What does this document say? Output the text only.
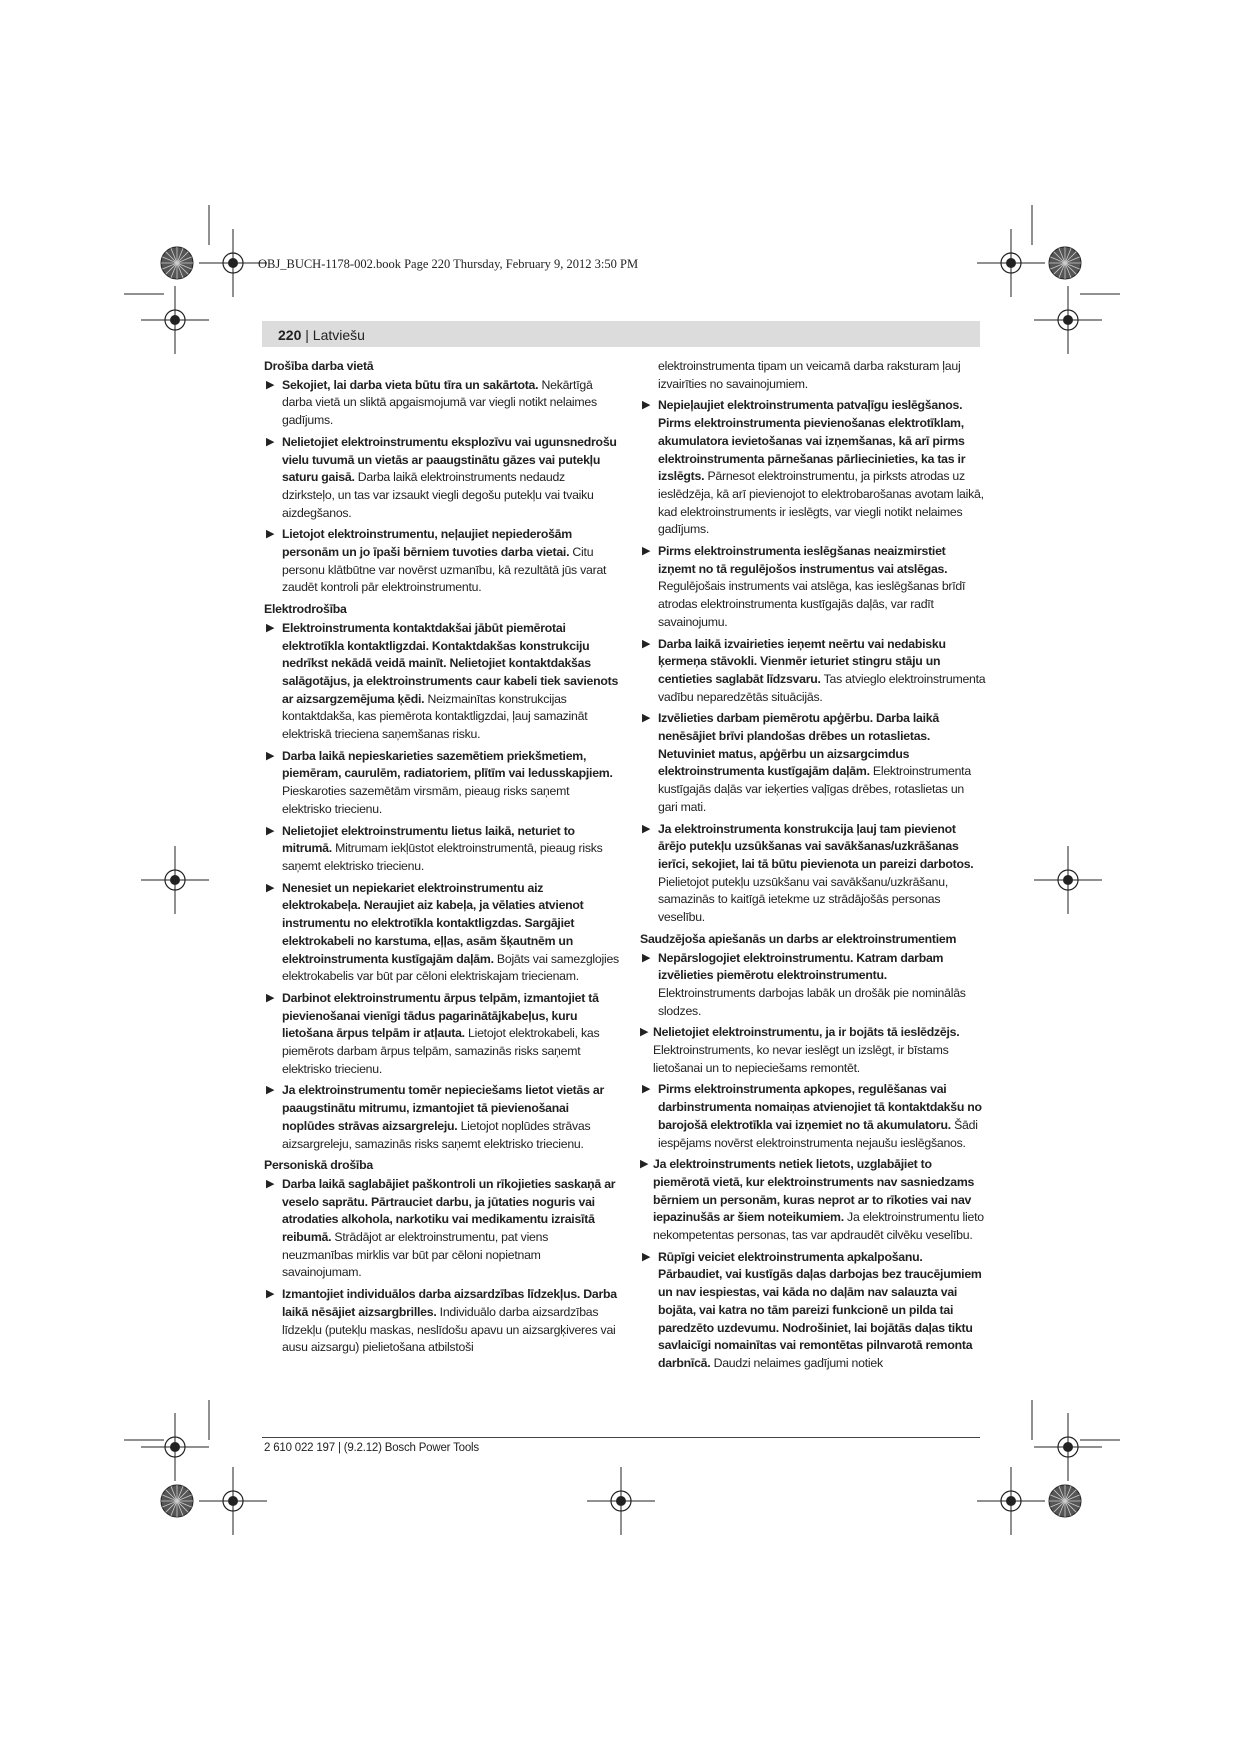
OBJ_BUCH-1178-002.book Page 220 Thursday, February 9, 2012 3:50 PM
220 | Latviešu
Drošība darba vietā
▶ Sekojiet, lai darba vieta būtu tīra un sakārtota. Nekārtīgā darba vietā un sliktā apgaismojumā var viegli notikt nelaimes gadījums.
▶ Nelietojiet elektroinstrumentu eksplozīvu vai ugunsnedrošu vielu tuvumā un vietās ar paaugstinātu gāzes vai putekļu saturu gaisā. Darba laikā elektroinstruments nedaudz dzirksteļo, un tas var izsaukt viegli degošu putekļu vai tvaiku aizdegšanos.
▶ Lietojot elektroinstrumentu, neļaujiet nepiederošām personām un jo īpaši bērniem tuvoties darba vietai. Citu personu klātbūtne var novērst uzmanību, kā rezultātā jūs varat zaudēt kontroli pār elektroinstrumentu.
Elektrodrošība
▶ Elektroinstrumenta kontaktdakšai jābūt piemērotai elektrotīkla kontaktligzdai. Kontaktdakšas konstrukciju nedrīkst nekādā veidā mainīt. Nelietojiet kontaktdakšas salāgotājus, ja elektroinstruments caur kabeli tiek savienots ar aizsargzemējuma ķēdi. Neizmainītas konstrukcijas kontaktdakša, kas piemērota kontaktligzdai, ļauj samazināt elektriskā trieciena saņemšanas risku.
▶ Darba laikā nepieskarieties sazemētiem priekšmetiem, piemēram, caurulēm, radiatoriem, plītīm vai ledusskapjiem. Pieskaroties sazemētām virsmām, pieaug risks saņemt elektrisko triecienu.
▶ Nelietojiet elektroinstrumentu lietus laikā, neturiet to mitrumā. Mitrumam iekļūstot elektroinstrumentā, pieaug risks saņemt elektrisko triecienu.
▶ Nenesiet un nepiekariet elektroinstrumentu aiz elektrokabeļa. Neraujiet aiz kabeļa, ja vēlaties atvienot instrumentu no elektrotīkla kontaktligzdas. Sargājiet elektrokabeli no karstuma, eļļas, asām šķautnēm un elektroinstrumenta kustīgajām daļām. Bojāts vai samezglojies elektrokabelis var būt par cēloni elektriskajam triecienam.
▶ Darbinot elektroinstrumentu ārpus telpām, izmantojiet tā pievienošanai vienīgi tādus pagarinātājkabeļus, kuru lietošana ārpus telpām ir atļauta. Lietojot elektrokabeli, kas piemērots darbam ārpus telpām, samazinās risks saņemt elektrisko triecienu.
▶ Ja elektroinstrumentu tomēr nepieciešams lietot vietās ar paaugstinātu mitrumu, izmantojiet tā pievienošanai noplūdes strāvas aizsargreleju. Lietojot noplūdes strāvas aizsargreleju, samazinās risks saņemt elektrisko triecienu.
Personiskā drošība
▶ Darba laikā saglabājiet paškontroli un rīkojieties saskaņā ar veselo saprātu. Pārtrauciet darbu, ja jūtaties noguris vai atrodaties alkohola, narkotiku vai medikamentu izraisītā reibumā. Strādājot ar elektroinstrumentu, pat viens neuzmanības mirklis var būt par cēloni nopietnam savainojumam.
▶ Izmantojiet individuālos darba aizsardzības līdzekļus. Darba laikā nēsājiet aizsargbrilles. Individuālo darba aizsardzības līdzekļu (putekļu maskas, neslīdošu apavu un aizsargķiveres vai ausu aizsargu) pielietošana atbilstoši
elektroinstrumenta tipam un veicamā darba raksturam ļauj izvairīties no savainojumiem.
▶ Nepieļaujiet elektroinstrumenta patvaļīgu ieslēgšanos. Pirms elektroinstrumenta pievienošanas elektrotīklam, akumulatora ievietošanas vai izņemšanas, kā arī pirms elektroinstrumenta pārnešanas pārliecinieties, ka tas ir izslēgts. Pārnesot elektroinstrumentu, ja pirksts atrodas uz ieslēdzēja, kā arī pievienojot to elektrobarošanas avotam laikā, kad elektroinstruments ir ieslēgts, var viegli notikt nelaimes gadījums.
▶ Pirms elektroinstrumenta ieslēgšanas neaizmirstiet izņemt no tā regulējošos instrumentus vai atslēgas. Regulējošais instruments vai atslēga, kas ieslēgšanas brīdī atrodas elektroinstrumenta kustīgajās daļās, var radīt savainojumu.
▶ Darba laikā izvairieties ieņemt neērtu vai nedabisku ķermeņa stāvokli. Vienmēr ieturiet stingru stāju un centieties saglabāt līdzsvaru. Tas atvieglo elektroinstrumenta vadību neparedzētās situācijās.
▶ Izvēlieties darbam piemērotu apģērbu. Darba laikā nenēsājiet brīvi plandošas drēbes un rotaslietas. Netuviniet matus, apģērbu un aizsargcimdus elektroinstrumenta kustīgajām daļām. Elektroinstrumenta kustīgajās daļās var ieķerties vaļīgas drēbes, rotaslietas un gari mati.
▶ Ja elektroinstrumenta konstrukcija ļauj tam pievienot ārējo putekļu uzsūkšanas vai savākšanas/uzkrāšanas ierīci, sekojiet, lai tā būtu pievienota un pareizi darbotos. Pielietojot putekļu uzsūkšanu vai savākšanu/uzkrāšanu, samazinās to kaitīgā ietekme uz strādājošās personas veselību.
Saudzējoša apiešanās un darbs ar elektroinstrumentiem
▶ Nepārslogojiet elektroinstrumentu. Katram darbam izvēlieties piemērotu elektroinstrumentu. Elektroinstruments darbojas labāk un drošāk pie nominālās slodzes.
▶ Nelietojiet elektroinstrumentu, ja ir bojāts tā ieslēdzējs. Elektroinstruments, ko nevar ieslēgt un izslēgt, ir bīstams lietošanai un to nepieciešams remontēt.
▶ Pirms elektroinstrumenta apkopes, regulēšanas vai darbinstrumenta nomaiņas atvienojiet tā kontaktdakšu no barojošā elektrotīkla vai izņemiet no tā akumulatoru. Šādi iespējams novērst elektroinstrumenta nejaušu ieslēgšanos.
▶ Ja elektroinstruments netiek lietots, uzglabājiet to piemērotā vietā, kur elektroinstruments nav sasniedzams bērniem un personām, kuras neprot ar to rīkoties vai nav iepazinušās ar šiem noteikumiem. Ja elektroinstrumentu lieto nekompetentas personas, tas var apdraudēt cilvēku veselību.
▶ Rūpīgi veiciet elektroinstrumenta apkalpošanu. Pārbaudiet, vai kustīgās daļas darbojas bez traucējumiem un nav iespiestas, vai kāda no daļām nav salauzta vai bojāta, vai katra no tām pareizi funkcionē un pilda tai paredzēto uzdevumu. Nodrošiniet, lai bojātās daļas tiktu savlaicīgi nomainītas vai remontētas pilnvarotā remonta darbnīcā. Daudzi nelaimes gadījumi notiek
2 610 022 197 | (9.2.12) Bosch Power Tools
